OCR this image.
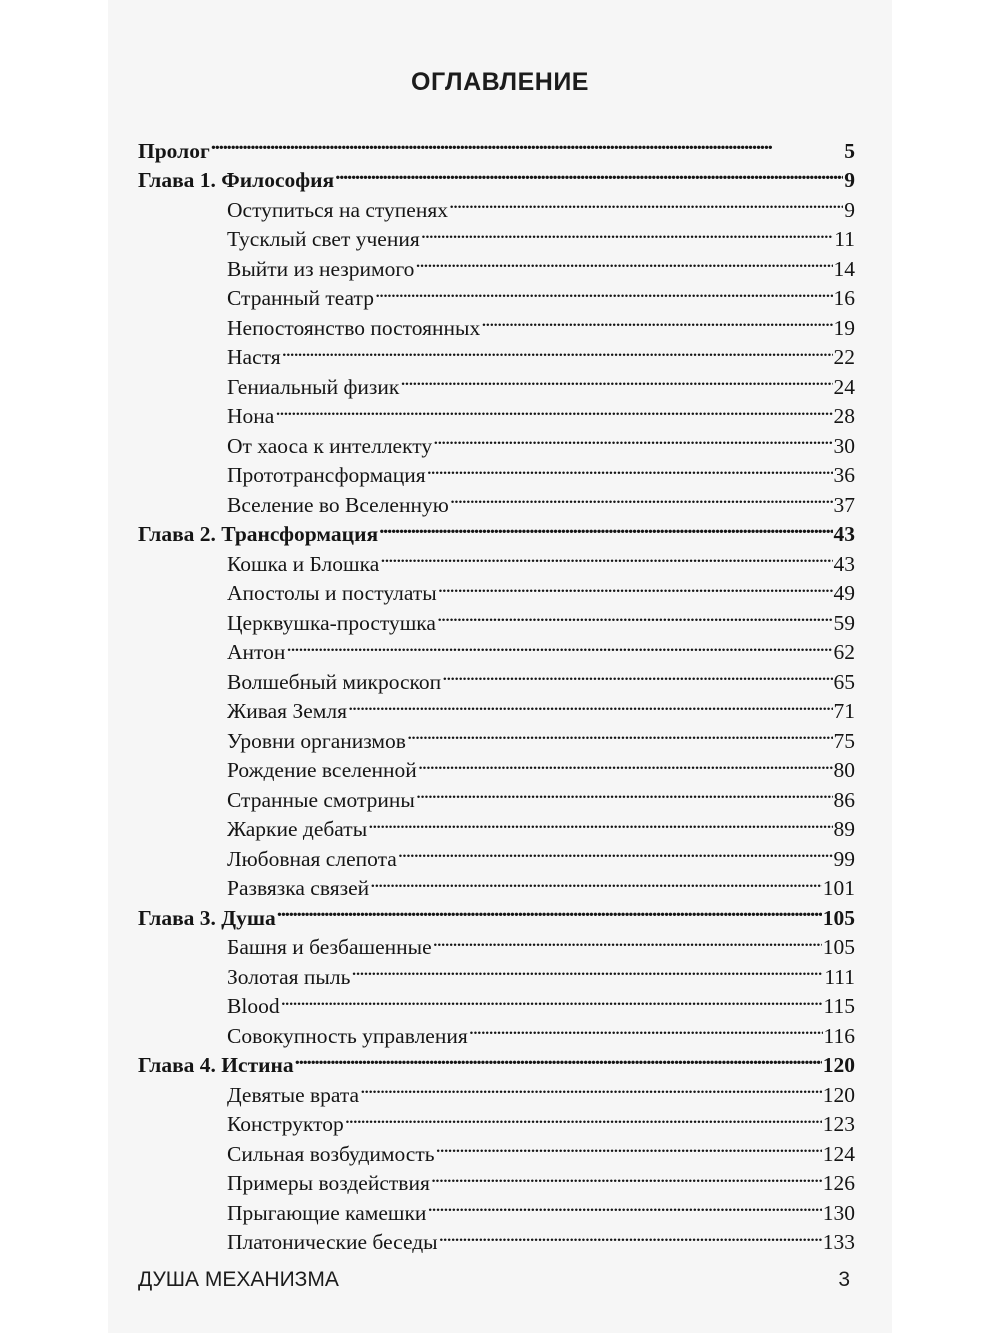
ОГЛАВЛЕНИЕ
Пролог . . .	5
Глава 1. Философия . . .	9
Оступиться на ступенях . . .	9
Тусклый свет учения . . .	11
Выйти из незримого . . .	14
Странный театр . . .	16
Непостоянство постоянных . . .	19
Настя . . .	22
Гениальный физик . . .	24
Нона . . .	28
От хаоса к интеллекту . . .	30
Прототрансформация . . .	36
Вселение во Вселенную . . .	37
Глава 2. Трансформация . . .	43
Кошка и Блошка . . .	43
Апостолы и постулаты . . .	49
Церквушка-простушка . . .	59
Антон . . .	62
Волшебный микроскоп . . .	65
Живая Земля . . .	71
Уровни организмов . . .	75
Рождение вселенной . . .	80
Странные смотрины . . .	86
Жаркие дебаты . . .	89
Любовная слепота . . .	99
Развязка связей . . .	101
Глава 3. Душа . . .	105
Башня и безбашенные . . .	105
Золотая пыль . . .	111
Blood . . .	115
Совокупность управления . . .	116
Глава 4. Истина . . .	120
Девятые врата . . .	120
Конструктор . . .	123
Сильная возбудимость . . .	124
Примеры воздействия . . .	126
Прыгающие камешки . . .	130
Платонические беседы . . .	133
ДУША МЕХАНИЗМА	3
